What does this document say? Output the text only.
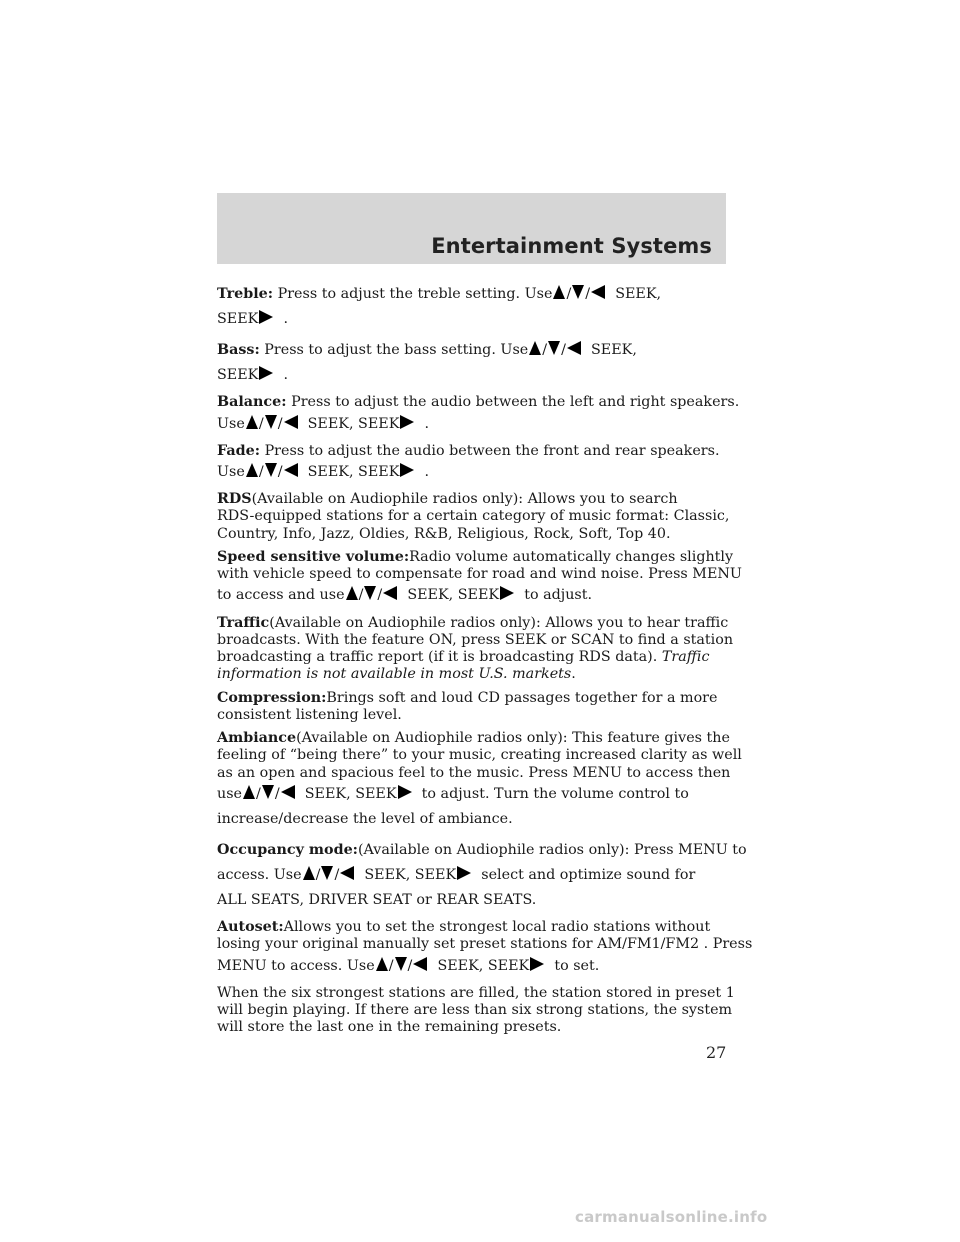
Entertainment Systems

Treble: Press to adjust the treble setting. Use / / SEEK,
SEEK .

Bass: Press to adjust the bass setting. Use / / SEEK,
SEEK .

Balance: Press to adjust the audio between the left and right speakers.
Use / / SEEK, SEEK .

Fade: Press to adjust the audio between the front and rear speakers.
Use / / SEEK, SEEK .

RDS(Available on Audiophile radios only): Allows you to search
RDS-equipped stations for a certain category of music format: Classic,
Country, Info, Jazz, Oldies, R&B, Religious, Rock, Soft, Top 40.

Speed sensitive volume:Radio volume automatically changes slightly
with vehicle speed to compensate for road and wind noise. Press MENU
to access and use / / SEEK, SEEK to adjust.

Traffic(Available on Audiophile radios only): Allows you to hear traffic
broadcasts. With the feature ON, press SEEK or SCAN to find a station
broadcasting a traffic report (if it is broadcasting RDS data). Traffic
information is not available in most U.S. markets.

Compression:Brings soft and loud CD passages together for a more
consistent listening level.

Ambiance(Available on Audiophile radios only): This feature gives the
feeling of “being there” to your music, creating increased clarity as well
as an open and spacious feel to the music. Press MENU to access then
use / / SEEK, SEEK to adjust. Turn the volume control to
increase/decrease the level of ambiance.

Occupancy mode:(Available on Audiophile radios only): Press MENU to
access. Use / / SEEK, SEEK select and optimize sound for
ALL SEATS, DRIVER SEAT or REAR SEATS.

Autoset:Allows you to set the strongest local radio stations without
losing your original manually set preset stations for AM/FM1/FM2 . Press
MENU to access. Use / / SEEK, SEEK to set.

When the six strongest stations are filled, the station stored in preset 1
will begin playing. If there are less than six strong stations, the system
will store the last one in the remaining presets.

27
carmanualsonline.info
